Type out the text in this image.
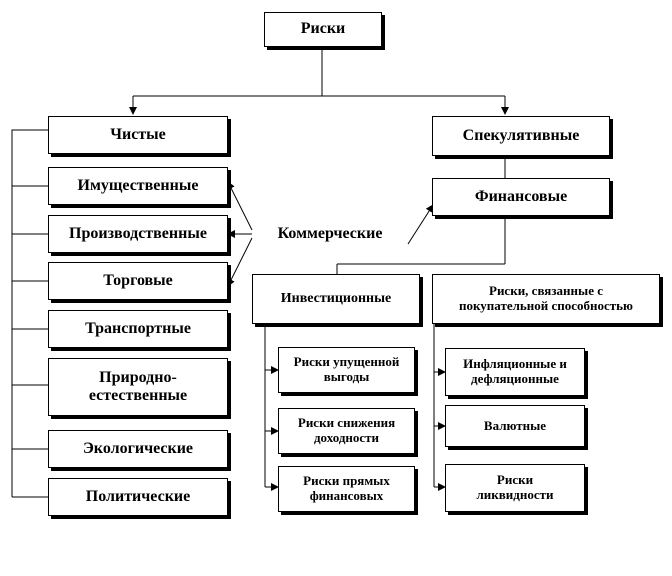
Риски
Чистые	Спекулятивные
Имущественные
Производственные
Торговые
Транспортные
Природно-
естественные
Экологические
Политические
Коммерческие
Финансовые
Инвестиционные
Риски, связанные с
покупательной способностью
Риски упущенной
выгоды
Риски снижения
доходности
Риски прямых
финансовых
Инфляционные и
дефляционные
Валютные
Риски
ликвидности
